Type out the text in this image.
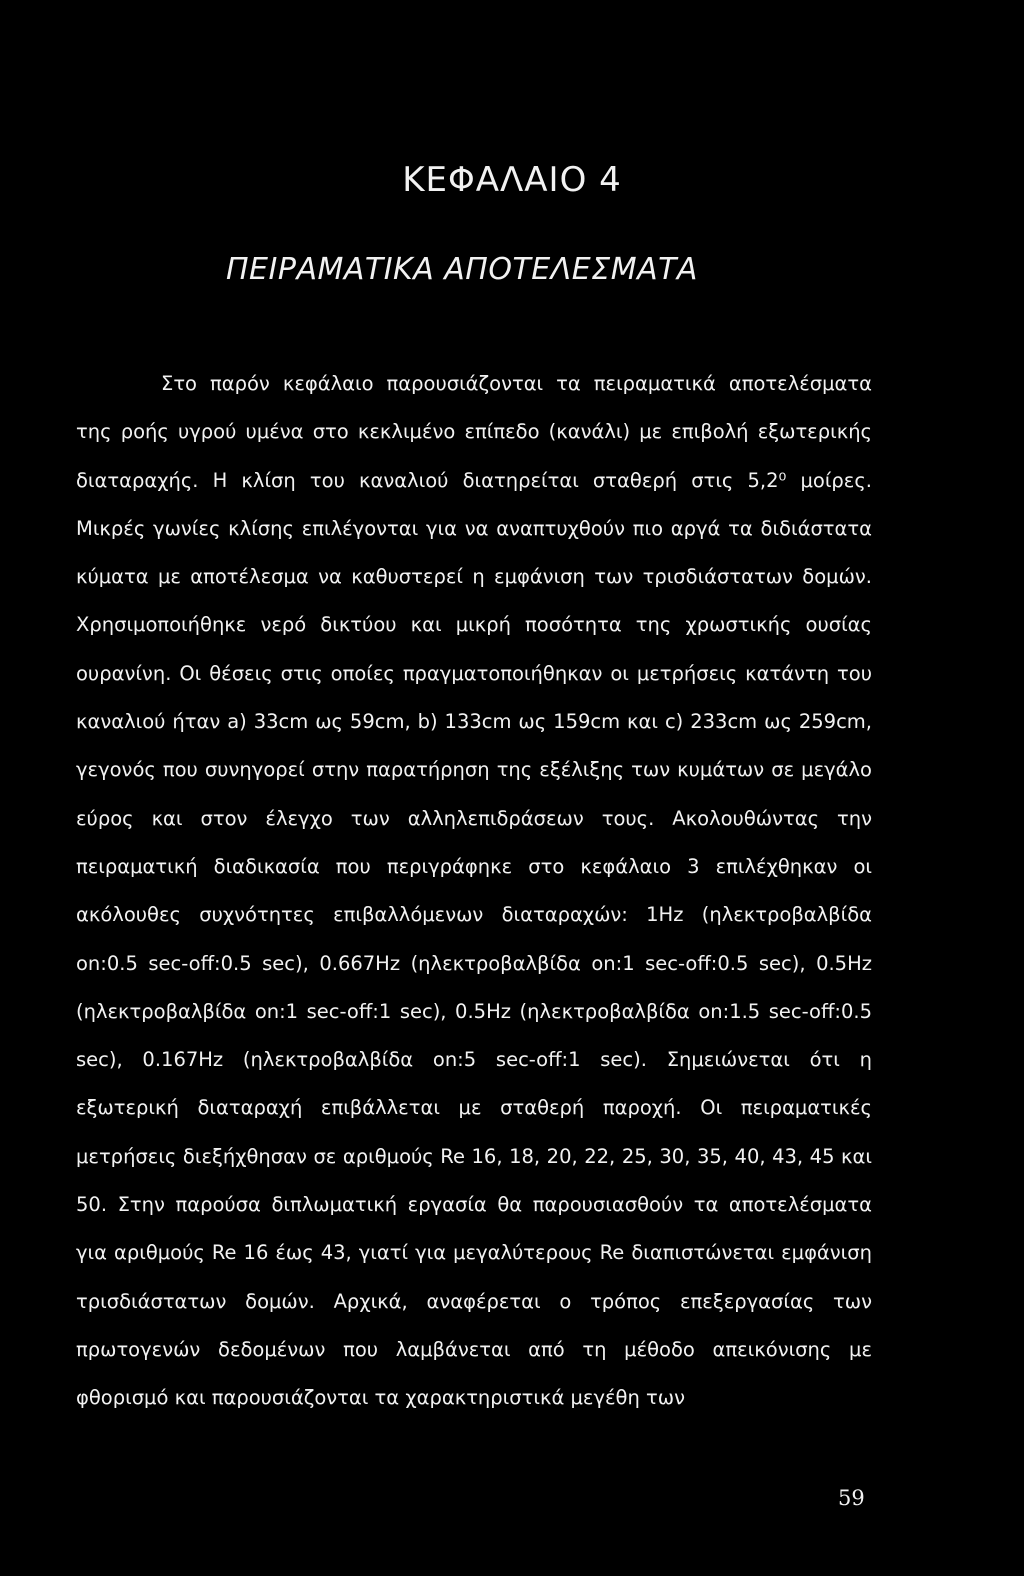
ΚΕΦΑΛΑΙΟ 4
ΠΕΙΡΑΜΑΤΙΚΑ ΑΠΟΤΕΛΕΣΜΑΤΑ

Στο παρόν κεφάλαιο παρουσιάζονται τα πειραματικά αποτελέσματα της ροής υγρού υμένα στο κεκλιμένο επίπεδο (κανάλι) με επιβολή εξωτερικής διαταραχής. Η κλίση του καναλιού διατηρείται σταθερή στις 5,2⁰ μοίρες. Μικρές γωνίες κλίσης επιλέγονται για να αναπτυχθούν πιο αργά τα διδιάστατα κύματα με αποτέλεσμα να καθυστερεί η εμφάνιση των τρισδιάστατων δομών. Χρησιμοποιήθηκε νερό δικτύου και μικρή ποσότητα της χρωστικής ουσίας ουρανίνη. Οι θέσεις στις οποίες πραγματοποιήθηκαν οι μετρήσεις κατάντη του καναλιού ήταν a) 33cm ως 59cm, b) 133cm ως 159cm και c) 233cm ως 259cm, γεγονός που συνηγορεί στην παρατήρηση της εξέλιξης των κυμάτων σε μεγάλο εύρος και στον έλεγχο των αλληλεπιδράσεων τους. Ακολουθώντας την πειραματική διαδικασία που περιγράφηκε στο κεφάλαιο 3 επιλέχθηκαν οι ακόλουθες συχνότητες επιβαλλόμενων διαταραχών: 1Hz (ηλεκτροβαλβίδα on:0.5 sec-off:0.5 sec), 0.667Hz (ηλεκτροβαλβίδα on:1 sec-off:0.5 sec), 0.5Hz (ηλεκτροβαλβίδα on:1 sec-off:1 sec), 0.5Hz (ηλεκτροβαλβίδα on:1.5 sec-off:0.5 sec), 0.167Hz (ηλεκτροβαλβίδα on:5 sec-off:1 sec). Σημειώνεται ότι η εξωτερική διαταραχή επιβάλλεται με σταθερή παροχή. Οι πειραματικές μετρήσεις διεξήχθησαν σε αριθμούς Re 16, 18, 20, 22, 25, 30, 35, 40, 43, 45 και 50. Στην παρούσα διπλωματική εργασία θα παρουσιασθούν τα αποτελέσματα για αριθμούς Re 16 έως 43, γιατί για μεγαλύτερους Re διαπιστώνεται εμφάνιση τρισδιάστατων δομών. Αρχικά, αναφέρεται ο τρόπος επεξεργασίας των πρωτογενών δεδομένων που λαμβάνεται από τη μέθοδο απεικόνισης με φθορισμό και παρουσιάζονται τα χαρακτηριστικά μεγέθη των

59
